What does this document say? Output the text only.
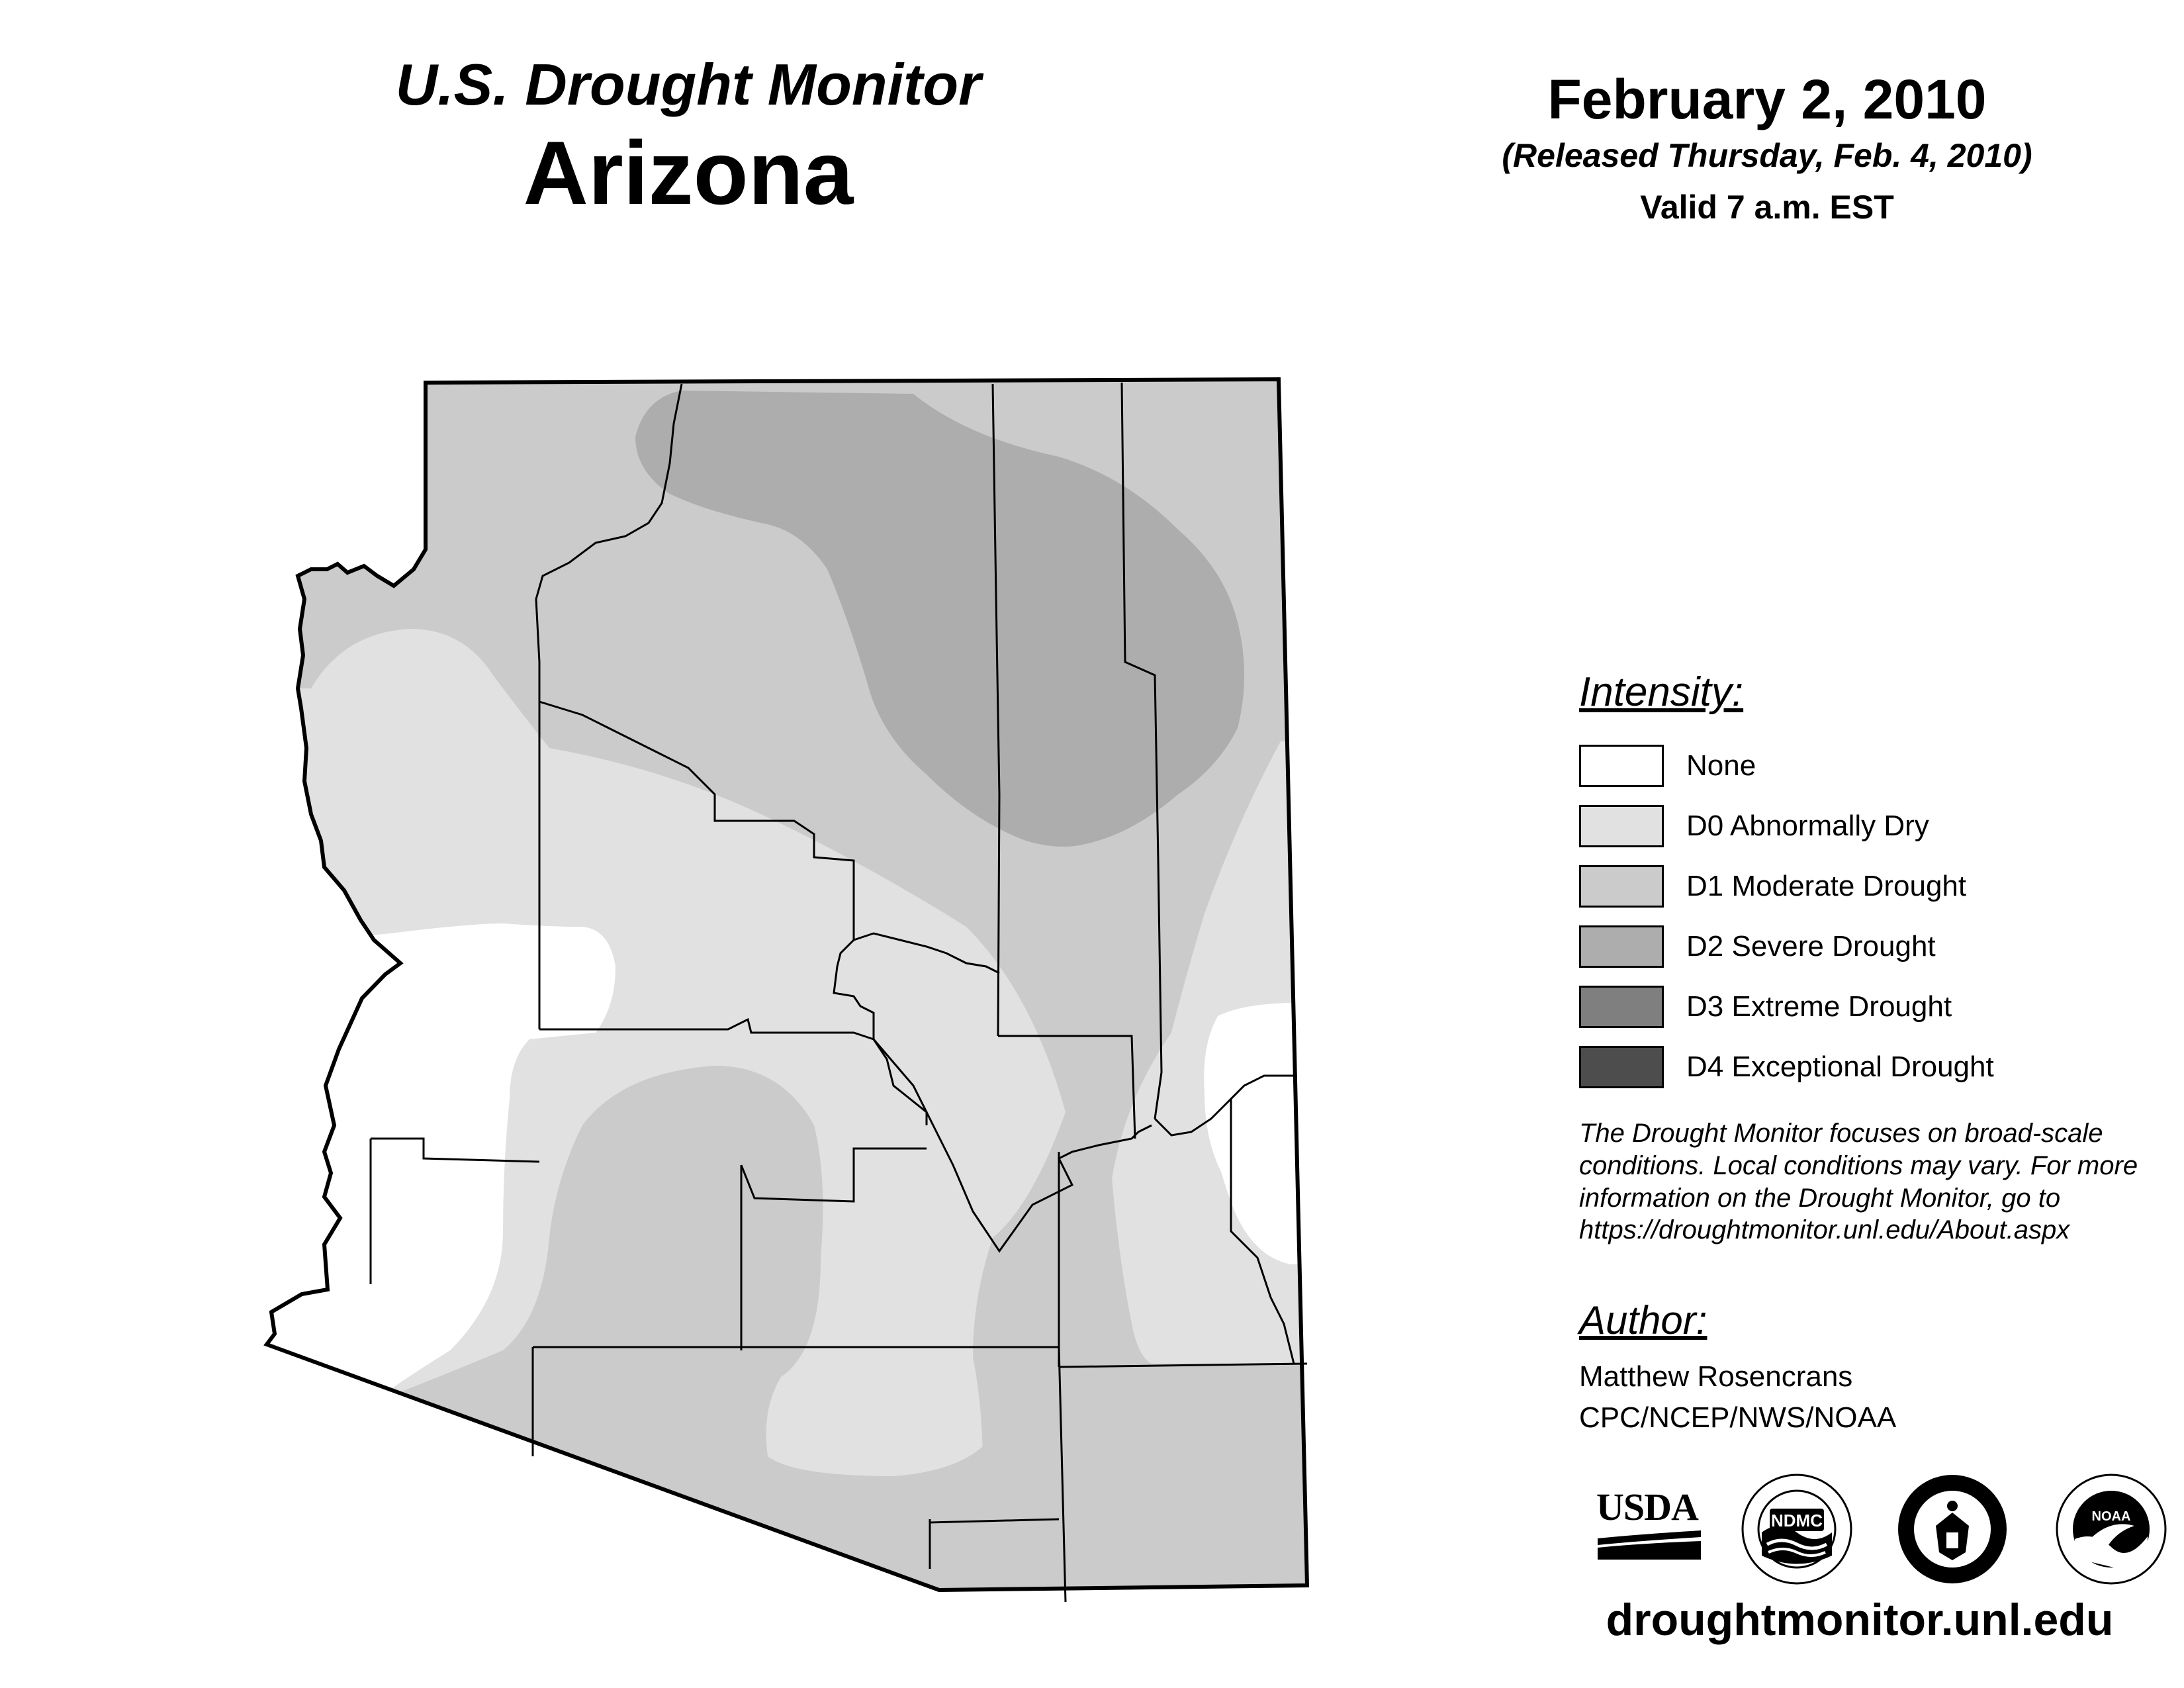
U.S. Drought Monitor
Arizona
February 2, 2010
(Released Thursday, Feb. 4, 2010)
Valid 7 a.m. EST
Intensity:
None
D0 Abnormally Dry
D1 Moderate Drought
D2 Severe Drought
D3 Extreme Drought
D4 Exceptional Drought
The Drought Monitor focuses on broad-scale conditions. Local conditions may vary. For more information on the Drought Monitor, go to https://droughtmonitor.unl.edu/About.aspx
Author:
Matthew Rosencrans
CPC/NCEP/NWS/NOAA
USDA	NDMC	NOAA
droughtmonitor.unl.edu
